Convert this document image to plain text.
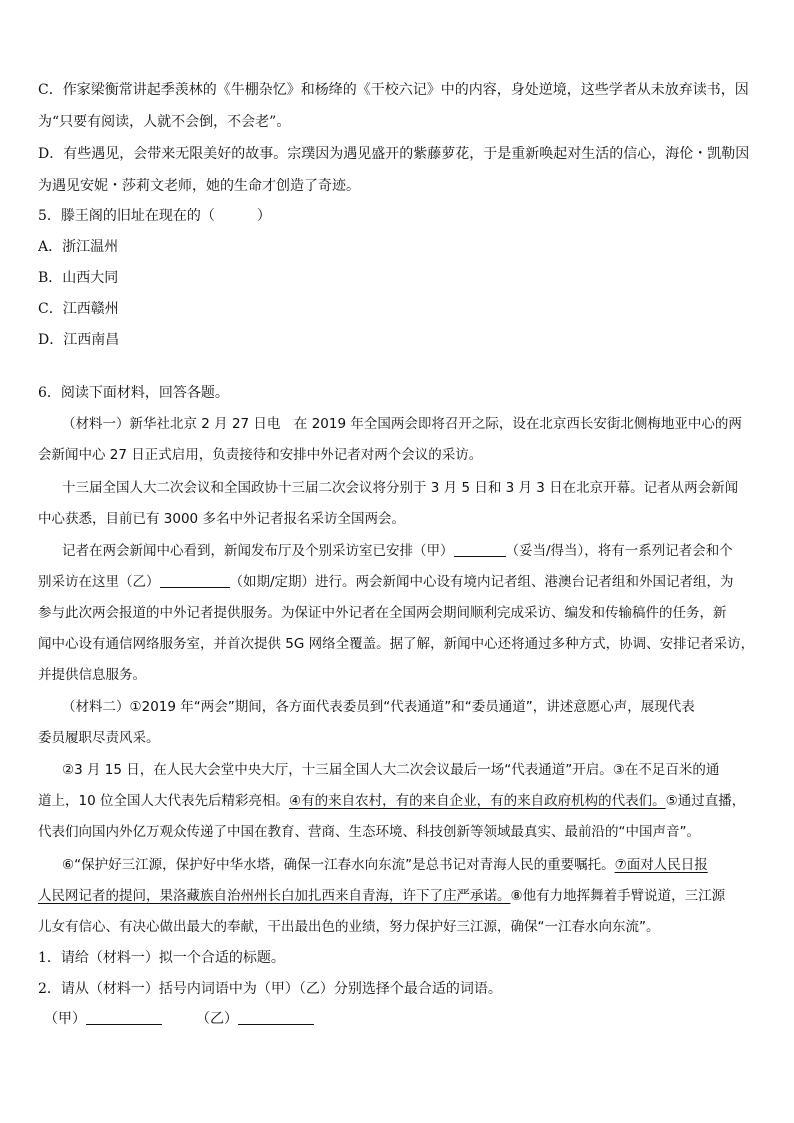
C．作家梁衡常讲起季羡林的《牛棚杂忆》和杨绛的《干校六记》中的内容，身处逆境，这些学者从未放弃读书，因
为“只要有阅读，人就不会倒，不会老”。
D．有些遇见，会带来无限美好的故事。宗璞因为遇见盛开的紫藤萝花，于是重新唤起对生活的信心，海伦・凯勒因
为遇见安妮・莎莉文老师，她的生命才创造了奇迹。
5．滕王阁的旧址在现在的（　　　）
A．浙江温州
B．山西大同
C．江西赣州
D．江西南昌
6．阅读下面材料，回答各题。
（材料一）新华社北京 2 月 27 日电　在 2019 年全国两会即将召开之际，设在北京西长安街北侧梅地亚中心的两
会新闻中心 27 日正式启用，负责接待和安排中外记者对两个会议的采访。
十三届全国人大二次会议和全国政协十三届二次会议将分别于 3 月 5 日和 3 月 3 日在北京开幕。记者从两会新闻
中心获悉，目前已有 3000 多名中外记者报名采访全国两会。
记者在两会新闻中心看到，新闻发布厅及个别采访室已安排（甲）	（妥当/得当），将有一系列记者会和个
别采访在这里（乙）	（如期/定期）进行。两会新闻中心设有境内记者组、港澳台记者组和外国记者组，为
参与此次两会报道的中外记者提供服务。为保证中外记者在全国两会期间顺利完成采访、编发和传输稿件的任务，新
闻中心设有通信网络服务室，并首次提供 5G 网络全覆盖。据了解，新闻中心还将通过多种方式，协调、安排记者采访，
并提供信息服务。
（材料二）①2019 年“两会”期间，各方面代表委员到“代表通道”和“委员通道”，讲述意愿心声，展现代表
委员履职尽责风采。
②3 月 15 日，在人民大会堂中央大厅，十三届全国人大二次会议最后一场“代表通道”开启。③在不足百米的通
道上，10 位全国人大代表先后精彩亮相。④有的来自农村，有的来自企业，有的来自政府机构的代表们。⑤通过直播，
代表们向国内外亿万观众传递了中国在教育、营商、生态环境、科技创新等领域最真实、最前沿的“中国声音”。
⑥“保护好三江源，保护好中华水塔，确保一江春水向东流”是总书记对青海人民的重要嘱托。⑦面对人民日报
人民网记者的提问，果洛藏族自治州州长白加扎西来自青海，许下了庄严承诺。⑧他有力地挥舞着手臂说道，三江源
儿女有信心、有决心做出最大的奉献，干出最出色的业绩，努力保护好三江源，确保“一江春水向东流”。
1．请给（材料一）拟一个合适的标题。
2．请从（材料一）括号内词语中为（甲）（乙）分别选择个最合适的词语。
（甲）	（乙）
